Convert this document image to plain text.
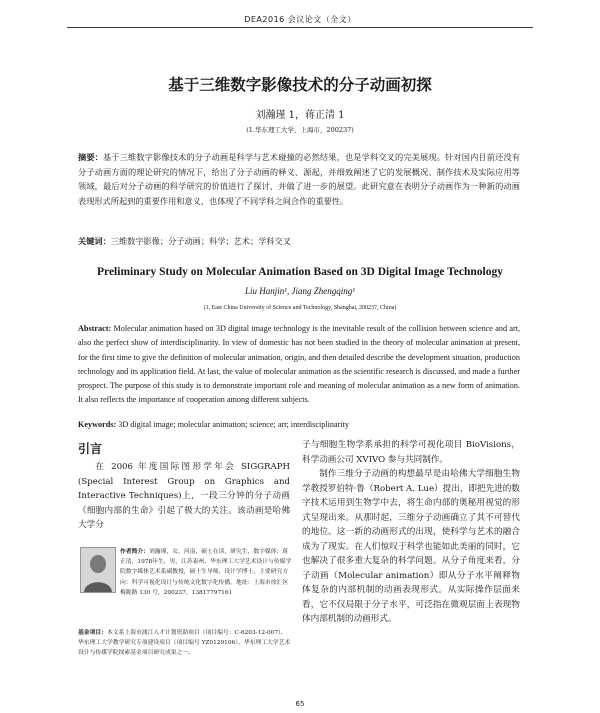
DEA2016 会议论文（全文）
基于三维数字影像技术的分子动画初探
刘瀚瑾 1，蒋正清 1
(1.华东理工大学，上海市，200237)
摘要：基于三维数字影像技术的分子动画是科学与艺术碰撞的必然结果，也是学科交叉的完美展现。针对国内目前还没有分子动画方面的理论研究的情况下，给出了分子动画的释义、源起，并细致阐述了它的发展概况、制作技术及实际应用等领域，最后对分子动画的科学研究的价值进行了探讨，并做了进一步的展望。此研究意在表明分子动画作为一种新的动画表现形式所起到的重要作用和意义，也体现了不同学科之间合作的重要性。
关键词：三维数字影像；分子动画；科学；艺术；学科交叉
Preliminary Study on Molecular Animation Based on 3D Digital Image Technology
Liu Hanjin¹, Jiang Zhengqing¹
(1. East China University of Science and Technology, Shanghai, 200237, China)
Abstract: Molecular animation based on 3D digital image technology is the inevitable result of the collision between science and art, also the perfect show of interdisciplinarity. In view of domestic has not been studied in the theory of molecular animation at present, for the first time to give the definition of molecular animation, origin, and then detailed describe the development situation, production technology and its application field. At last, the value of molecular animation as the scientific research is discussed, and made a further prospect. The purpose of this study is to demonstrate important role and meaning of molecular animation as a new form of animation. It also reflects the importance of cooperation among different subjects.
Keywords: 3D digital image; molecular animation; science; art; interdisciplinarity
引言

在 2006 年度国际图形学年会 SIGGRAPH (Special Interest Group on Graphics and Interactive Techniques)上，一段三分钟的分子动画《细胞内部的生命》引起了极大的关注。该动画是哈佛大学分

作者简介：刘瀚瑾，女，河南，硕士在读，研究生，数字媒体；蒋正清，1978年生，男，江苏泰州，华东理工大学艺术设计与传媒学院数字媒体艺术系副教授，硕士生导师，设计学博士，主要研究方向：科学可视化设计与传统文化数字化传播，地址：上海市徐汇区梅陇路 130 号，200237，13817797161
基金项目：本文系上海市浦江人才计划资助项目（项目编号：C-6203-12-007），华东理工大学教学研究专项建设项目（项目编号 YZ0129106），华东理工大学艺术设计与传媒学院探索基金项目研究成果之一。

子与细胞生物学系承担的科学可视化项目 BioVisions，科学动画公司 XVIVO 参与共同制作。

制作三维分子动画的构想最早是由哈佛大学细胞生物学教授罗伯特·鲁（Robert A. Lue）提出，即把先进的数字技术运用到生物学中去，将生命内部的奥秘用视觉的形式呈现出来。从那时起，三维分子动画确立了其不可替代的地位。这一新的动画形式的出现，使科学与艺术的融合成为了现实。在人们惊叹于科学也能如此美丽的同时，它也解决了很多重大复杂的科学问题。从分子角度来看，分子动画（Molecular animation）即从分子水平阐释物体复杂的内部机制的动画表现形式。从实际操作层面来看，它不仅局限于分子水平，可泛指在微观层面上表现物体内部机制的动画形式。

65
